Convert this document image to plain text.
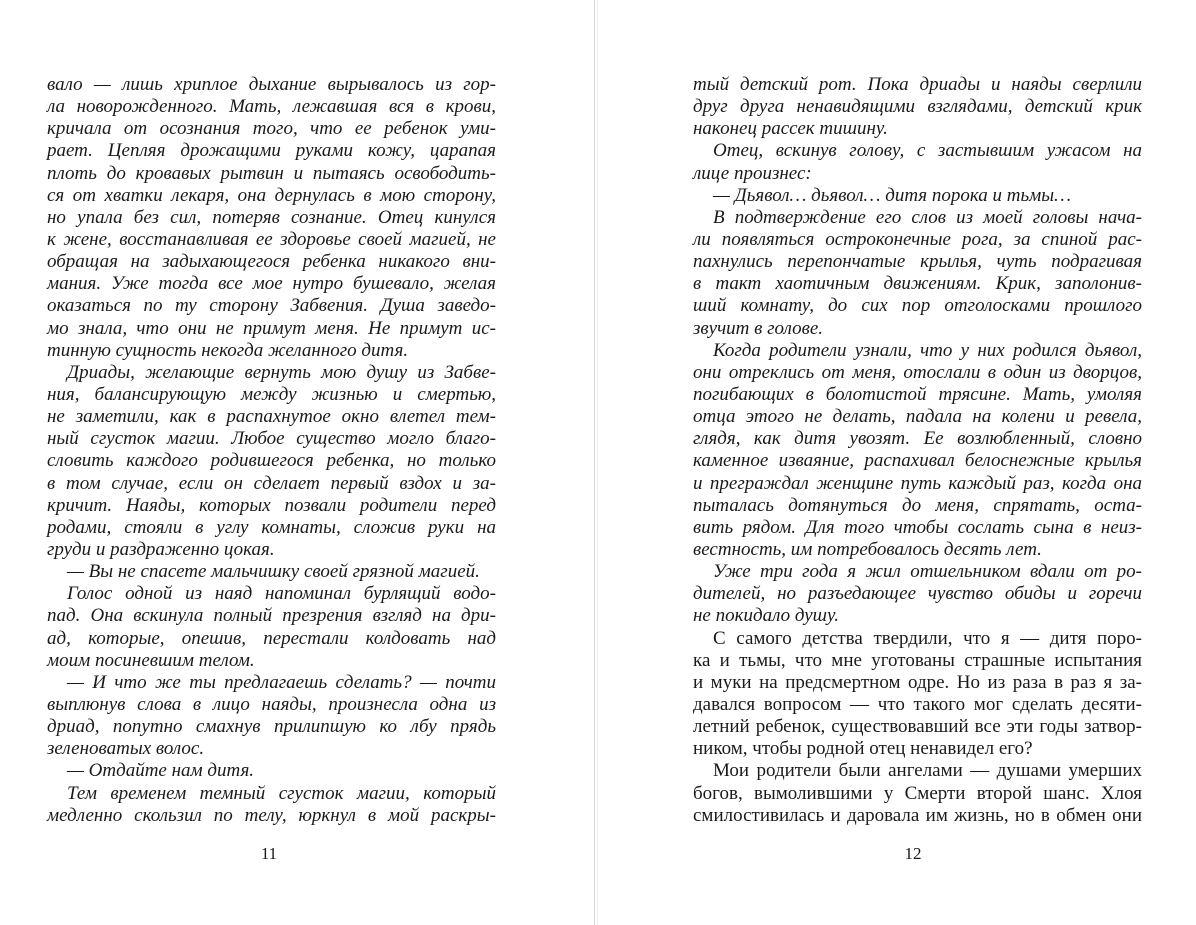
вало — лишь хриплое дыхание вырывалось из гор-
ла новорожденного. Мать, лежавшая вся в крови,
кричала от осознания того, что ее ребенок уми-
рает. Цепляя дрожащими руками кожу, царапая
плоть до кровавых рытвин и пытаясь освободить-
ся от хватки лекаря, она дернулась в мою сторону,
но упала без сил, потеряв сознание. Отец кинулся
к жене, восстанавливая ее здоровье своей магией, не
обращая на задыхающегося ребенка никакого вни-
мания. Уже тогда все мое нутро бушевало, желая
оказаться по ту сторону Забвения. Душа заведо-
мо знала, что они не примут меня. Не примут ис-
тинную сущность некогда желанного дитя.
Дриады, желающие вернуть мою душу из Забве-
ния, балансирующую между жизнью и смертью,
не заметили, как в распахнутое окно влетел тем-
ный сгусток магии. Любое существо могло благо-
словить каждого родившегося ребенка, но только
в том случае, если он сделает первый вздох и за-
кричит. Наяды, которых позвали родители перед
родами, стояли в углу комнаты, сложив руки на
груди и раздраженно цокая.
— Вы не спасете мальчишку своей грязной магией.
Голос одной из наяд напоминал бурлящий водо-
пад. Она вскинула полный презрения взгляд на дри-
ад, которые, опешив, перестали колдовать над
моим посиневшим телом.
— И что же ты предлагаешь сделать? — почти
выплюнув слова в лицо наяды, произнесла одна из
дриад, попутно смахнув прилипшую ко лбу прядь
зеленоватых волос.
— Отдайте нам дитя.
Тем временем темный сгусток магии, который
медленно скользил по телу, юркнул в мой раскры-
11
тый детский рот. Пока дриады и наяды сверлили
друг друга ненавидящими взглядами, детский крик
наконец рассек тишину.
Отец, вскинув голову, с застывшим ужасом на
лице произнес:
— Дьявол… дьявол… дитя порока и тьмы…
В подтверждение его слов из моей головы нача-
ли появляться остроконечные рога, за спиной рас-
пахнулись перепончатые крылья, чуть подрагивая
в такт хаотичным движениям. Крик, заполонив-
ший комнату, до сих пор отголосками прошлого
звучит в голове.
Когда родители узнали, что у них родился дьявол,
они отреклись от меня, отослали в один из дворцов,
погибающих в болотистой трясине. Мать, умоляя
отца этого не делать, падала на колени и ревела,
глядя, как дитя увозят. Ее возлюбленный, словно
каменное изваяние, распахивал белоснежные крылья
и преграждал женщине путь каждый раз, когда она
пыталась дотянуться до меня, спрятать, оста-
вить рядом. Для того чтобы сослать сына в неиз-
вестность, им потребовалось десять лет.
Уже три года я жил отшельником вдали от ро-
дителей, но разъедающее чувство обиды и горечи
не покидало душу.
С самого детства твердили, что я — дитя поро-
ка и тьмы, что мне уготованы страшные испытания
и муки на предсмертном одре. Но из раза в раз я за-
давался вопросом — что такого мог сделать десяти-
летний ребенок, существовавший все эти годы затвор-
ником, чтобы родной отец ненавидел его?
Мои родители были ангелами — душами умерших
богов, вымолившими у Смерти второй шанс. Хлоя
смилостивилась и даровала им жизнь, но в обмен они
12
